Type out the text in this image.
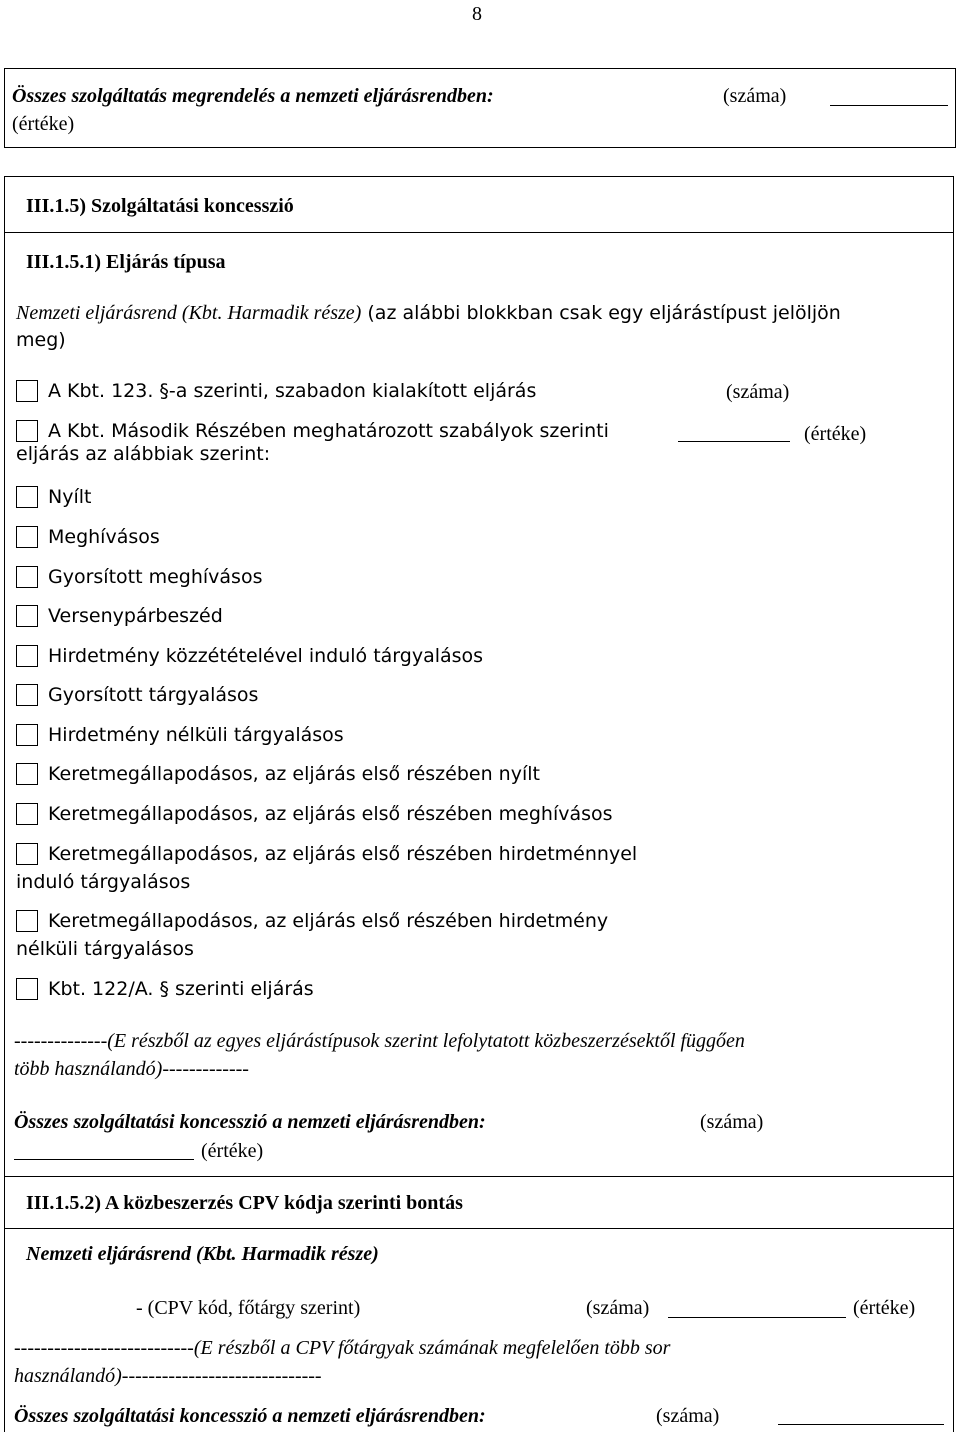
8
Összes szolgáltatás megrendelés a nemzeti eljárásrendben:	(száma)
(értéke)
III.1.5) Szolgáltatási koncesszió
III.1.5.1) Eljárás típusa
Nemzeti eljárásrend (Kbt. Harmadik része) (az alábbi blokkban csak egy eljárástípust jelöljön
meg)
A Kbt. 123. §-a szerinti, szabadon kialakított eljárás	(száma)
A Kbt. Második Részében meghatározott szabályok szerinti
eljárás az alábbiak szerint:
(értéke)
Nyílt
Meghívásos
Gyorsított meghívásos
Versenypárbeszéd
Hirdetmény közzétételével induló tárgyalásos
Gyorsított tárgyalásos
Hirdetmény nélküli tárgyalásos
Keretmegállapodásos, az eljárás első részében nyílt
Keretmegállapodásos, az eljárás első részében meghívásos
Keretmegállapodásos, az eljárás első részében hirdetménnyel
induló tárgyalásos
Keretmegállapodásos, az eljárás első részében hirdetmény
nélküli tárgyalásos
Kbt. 122/A. § szerinti eljárás
--------------(E részből az egyes eljárástípusok szerint lefolytatott közbeszerzésektől függően
több használandó)-------------
Összes szolgáltatási koncesszió a nemzeti eljárásrendben:	(száma)
(értéke)
III.1.5.2) A közbeszerzés CPV kódja szerinti bontás
Nemzeti eljárásrend (Kbt. Harmadik része)
- (CPV kód, főtárgy szerint)	(száma)	(értéke)
---------------------------(E részből a CPV főtárgyak számának megfelelően több sor
használandó)------------------------------
Összes szolgáltatási koncesszió a nemzeti eljárásrendben:	(száma)
